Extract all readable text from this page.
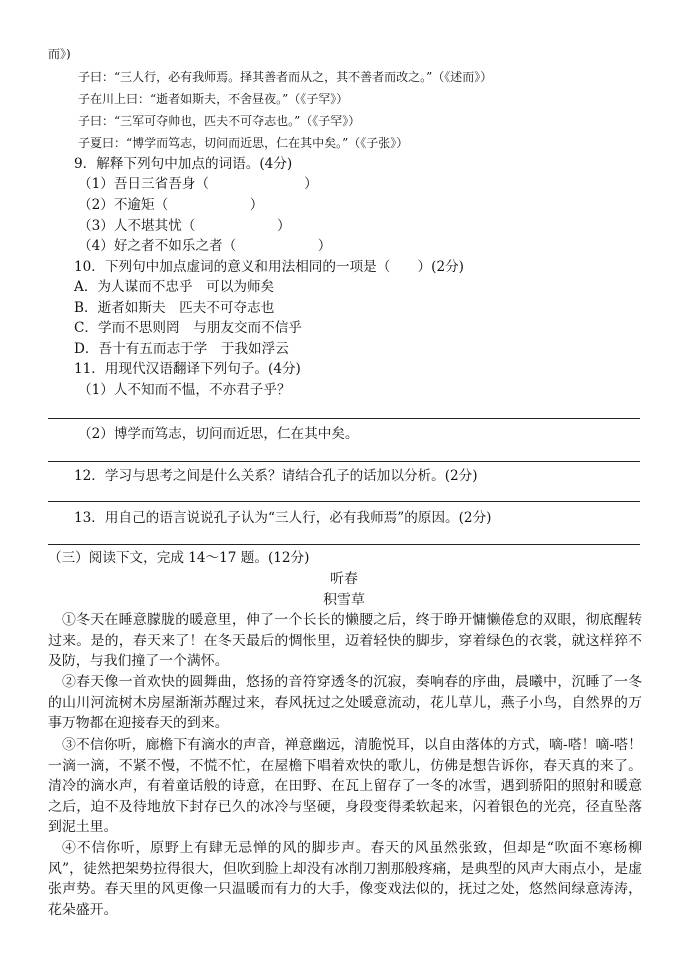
而》)
子曰：“三人行，必有我师焉。择其善者而从之，其不善者而改之。”（《述而》）
子在川上曰：“逝者如斯夫，不舍昼夜。”（《子罕》）
子曰：“三军可夺帅也，匹夫不可夺志也。”（《子罕》）
子夏曰：“博学而笃志，切问而近思，仁在其中矣。”（《子张》）
9．解释下列句中加点的词语。(4分)
（1）吾日三省吾身（　　　　　　　）
（2）不逾矩（　　　　　　）
（3）人不堪其忧（　　　　　　）
（4）好之者不如乐之者（　　　　　　）
10．下列句中加点虚词的意义和用法相同的一项是（　　）(2分)
A．为人谋而不忠乎　可以为师矣
B．逝者如斯夫　匹夫不可夺志也
C．学而不思则罔　与朋友交而不信乎
D．吾十有五而志于学　于我如浮云
11．用现代汉语翻译下列句子。(4分)
（1）人不知而不愠，不亦君子乎？
（2）博学而笃志，切问而近思，仁在其中矣。
12．学习与思考之间是什么关系？请结合孔子的话加以分析。(2分)
13．用自己的语言说说孔子认为“三人行，必有我师焉”的原因。(2分)
（三）阅读下文，完成 14～17 题。(12分)
听春
积雪草
①冬天在睡意朦胧的暖意里，伸了一个长长的懒腰之后，终于睁开慵懒倦怠的双眼，彻底醒转过来。是的，春天来了！在冬天最后的惆怅里，迈着轻快的脚步，穿着绿色的衣裳，就这样猝不及防，与我们撞了一个满怀。
②春天像一首欢快的圆舞曲，悠扬的音符穿透冬的沉寂，奏响春的序曲，晨曦中，沉睡了一冬的山川河流树木房屋渐渐苏醒过来，春风抚过之处暖意流动，花儿草儿，燕子小鸟，自然界的万事万物都在迎接春天的到来。
③不信你听，廊檐下有滴水的声音，禅意幽远，清脆悦耳，以自由落体的方式，嘀-嗒！嘀-嗒！一滴一滴，不紧不慢，不慌不忙，在屋檐下唱着欢快的歌儿，仿佛是想告诉你，春天真的来了。清冷的滴水声，有着童话般的诗意，在田野、在瓦上留存了一冬的冰雪，遇到骄阳的照射和暖意之后，迫不及待地放下封存已久的冰冷与坚硬，身段变得柔软起来，闪着银色的光亮，径直坠落到泥土里。
④不信你听，原野上有肆无忌惮的风的脚步声。春天的风虽然张致，但却是“吹面不寒杨柳风”，徒然把架势拉得很大，但吹到脸上却没有冰削刀割那般疼痛，是典型的风声大雨点小，是虚张声势。春天里的风更像一只温暖而有力的大手，像变戏法似的，抚过之处，悠然间绿意涛涛，花朵盛开。
